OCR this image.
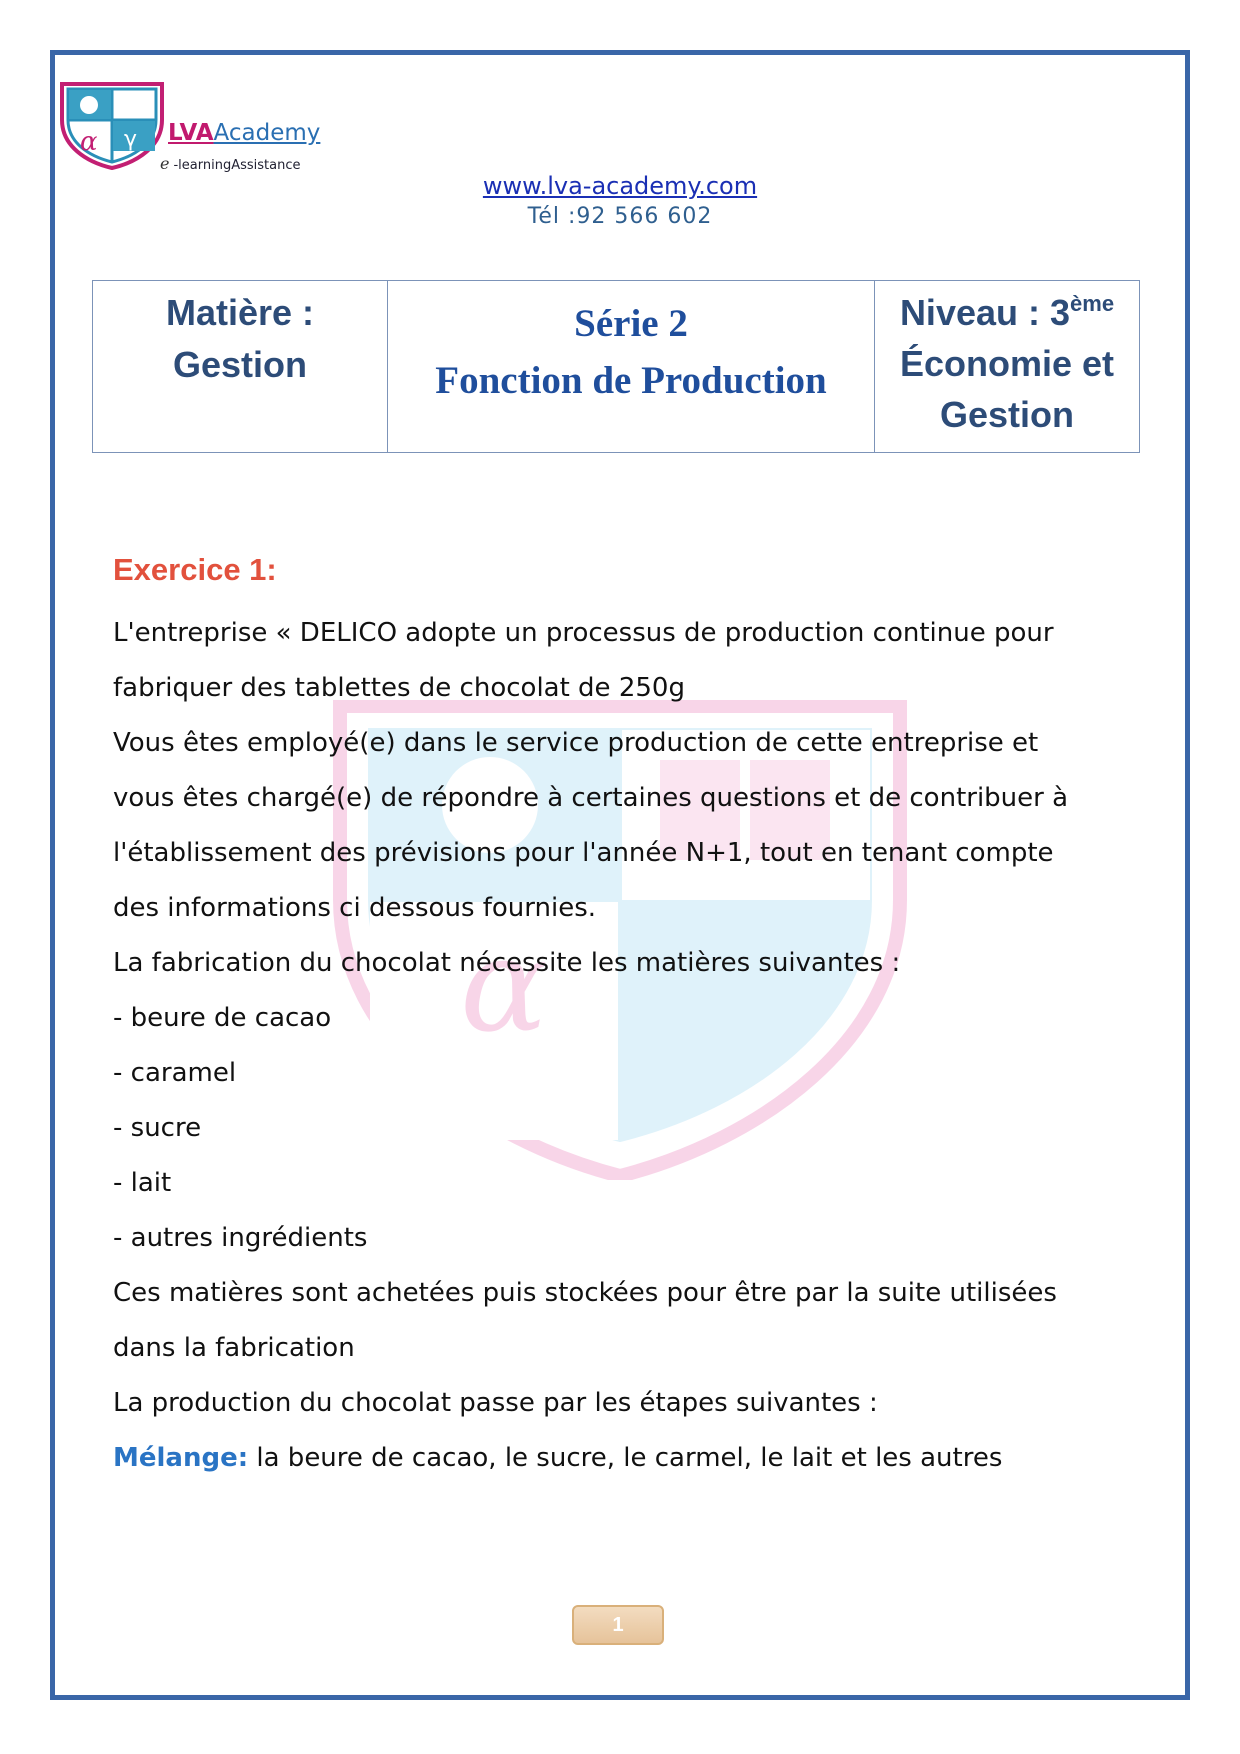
α γ LVAAcademy
e -learningAssistance
www.lva-academy.com
Tél :92 566 602
Matière :
Gestion
Série 2
Fonction de Production
Niveau : 3ème
Économie et
Gestion
α
Exercice 1:
L'entreprise « DELICO adopte un processus de production continue pour
fabriquer des tablettes de chocolat de 250g
Vous êtes employé(e) dans le service production de cette entreprise et
vous êtes chargé(e) de répondre à certaines questions et de contribuer à
l'établissement des prévisions pour l'année N+1, tout en tenant compte
des informations ci dessous fournies.
La fabrication du chocolat nécessite les matières suivantes :
- beure de cacao
- caramel
- sucre
- lait
- autres ingrédients
Ces matières sont achetées puis stockées pour être par la suite utilisées
dans la fabrication
La production du chocolat passe par les étapes suivantes :
Mélange: la beure de cacao, le sucre, le carmel, le lait et les autres
1
